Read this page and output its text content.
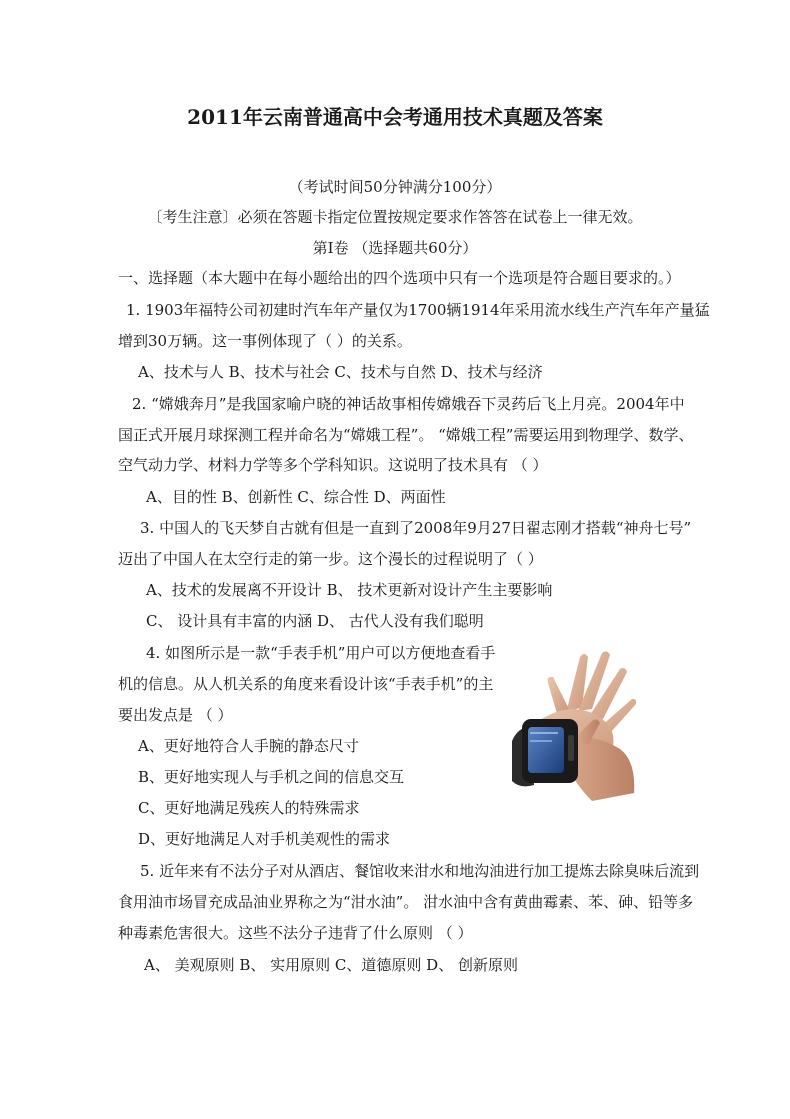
2011年云南普通高中会考通用技术真题及答案
（考试时间50分钟满分100分）
〔考生注意〕必须在答题卡指定位置按规定要求作答答在试卷上一律无效。
第Ⅰ卷 （选择题共60分）
一、选择题（本大题中在每小题给出的四个选项中只有一个选项是符合题目要求的。）
1. 1903年福特公司初建时汽车年产量仅为1700辆1914年采用流水线生产汽车年产量猛
增到30万辆。这一事例体现了（ ）的关系。
A、技术与人 B、技术与社会 C、技术与自然 D、技术与经济
2. “嫦娥奔月”是我国家喻户晓的神话故事相传嫦娥吞下灵药后飞上月亮。2004年中
国正式开展月球探测工程并命名为“嫦娥工程”。 “嫦娥工程”需要运用到物理学、数学、
空气动力学、材料力学等多个学科知识。这说明了技术具有 （ ）
A、目的性 B、创新性 C、综合性 D、两面性
3. 中国人的飞天梦自古就有但是一直到了2008年9月27日翟志刚才搭载“神舟七号”
迈出了中国人在太空行走的第一步。这个漫长的过程说明了（ ）
A、技术的发展离不开设计 B、 技术更新对设计产生主要影响
C、 设计具有丰富的内涵 D、 古代人没有我们聪明
4. 如图所示是一款“手表手机”用户可以方便地查看手
机的信息。从人机关系的角度来看设计该“手表手机”的主
要出发点是 （ ）
A、更好地符合人手腕的静态尺寸
B、更好地实现人与手机之间的信息交互
C、更好地满足残疾人的特殊需求
D、更好地满足人对手机美观性的需求
5. 近年来有不法分子对从酒店、餐馆收来泔水和地沟油进行加工提炼去除臭味后流到
食用油市场冒充成品油业界称之为“泔水油”。 泔水油中含有黄曲霉素、苯、砷、铅等多
种毒素危害很大。这些不法分子违背了什么原则 （ ）
A、 美观原则 B、 实用原则 C、道德原则 D、 创新原则
